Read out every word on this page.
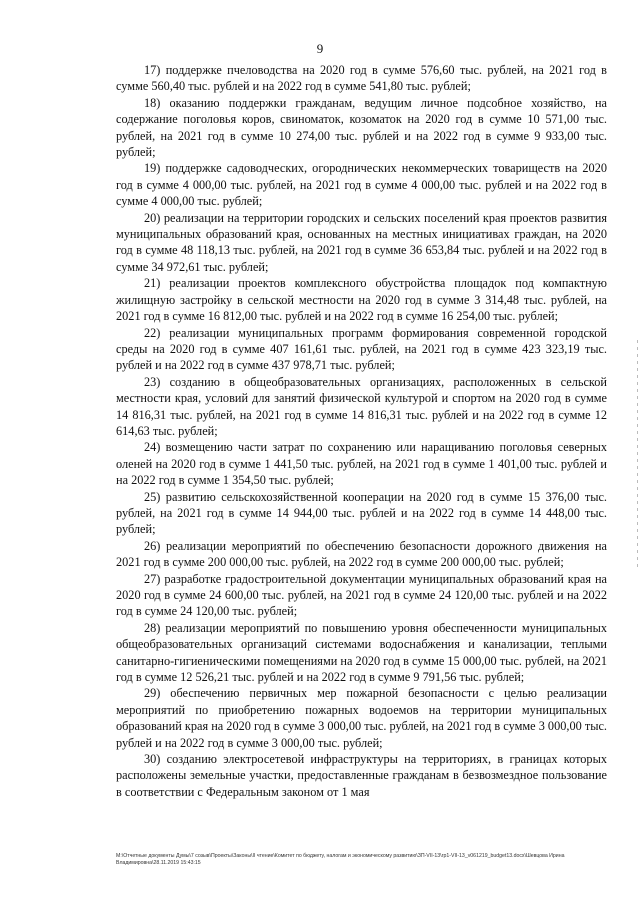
9

17) поддержке пчеловодства на 2020 год в сумме 576,60 тыс. рублей, на 2021 год в сумме 560,40 тыс. рублей и на 2022 год в сумме 541,80 тыс. рублей;

18) оказанию поддержки гражданам, ведущим личное подсобное хозяйство, на содержание поголовья коров, свиноматок, козоматок на 2020 год в сумме 10 571,00 тыс. рублей, на 2021 год в сумме 10 274,00 тыс. рублей и на 2022 год в сумме 9 933,00 тыс. рублей;

19) поддержке садоводческих, огороднических некоммерческих товариществ на 2020 год в сумме 4 000,00 тыс. рублей, на 2021 год в сумме 4 000,00 тыс. рублей и на 2022 год в сумме 4 000,00 тыс. рублей;

20) реализации на территории городских и сельских поселений края проектов развития муниципальных образований края, основанных на местных инициативах граждан, на 2020 год в сумме 48 118,13 тыс. рублей, на 2021 год в сумме 36 653,84 тыс. рублей и на 2022 год в сумме 34 972,61 тыс. рублей;

21) реализации проектов комплексного обустройства площадок под компактную жилищную застройку в сельской местности на 2020 год в сумме 3 314,48 тыс. рублей, на 2021 год в сумме 16 812,00 тыс. рублей и на 2022 год в сумме 16 254,00 тыс. рублей;

22) реализации муниципальных программ формирования современной городской среды на 2020 год в сумме 407 161,61 тыс. рублей, на 2021 год в сумме 423 323,19 тыс. рублей и на 2022 год в сумме 437 978,71 тыс. рублей;

23) созданию в общеобразовательных организациях, расположенных в сельской местности края, условий для занятий физической культурой и спортом на 2020 год в сумме 14 816,31 тыс. рублей, на 2021 год в сумме 14 816,31 тыс. рублей и на 2022 год в сумме 12 614,63 тыс. рублей;

24) возмещению части затрат по сохранению или наращиванию поголовья северных оленей на 2020 год в сумме 1 441,50 тыс. рублей, на 2021 год в сумме 1 401,00 тыс. рублей и на 2022 год в сумме 1 354,50 тыс. рублей;

25) развитию сельскохозяйственной кооперации на 2020 год в сумме 15 376,00 тыс. рублей, на 2021 год в сумме 14 944,00 тыс. рублей и на 2022 год в сумме 14 448,00 тыс. рублей;

26) реализации мероприятий по обеспечению безопасности дорожного движения на 2021 год в сумме 200 000,00 тыс. рублей, на 2022 год в сумме 200 000,00 тыс. рублей;

27) разработке градостроительной документации муниципальных образований края на 2020 год в сумме 24 600,00 тыс. рублей, на 2021 год в сумме 24 120,00 тыс. рублей и на 2022 год в сумме 24 120,00 тыс. рублей;

28) реализации мероприятий по повышению уровня обеспеченности муниципальных общеобразовательных организаций системами водоснабжения и канализации, теплыми санитарно-гигиеническими помещениями на 2020 год в сумме 15 000,00 тыс. рублей, на 2021 год в сумме 12 526,21 тыс. рублей и на 2022 год в сумме 9 791,56 тыс. рублей;

29) обеспечению первичных мер пожарной безопасности с целью реализации мероприятий по приобретению пожарных водоемов на территории муниципальных образований края на 2020 год в сумме 3 000,00 тыс. рублей, на 2021 год в сумме 3 000,00 тыс. рублей и на 2022 год в сумме 3 000,00 тыс. рублей;

30) созданию электросетевой инфраструктуры на территориях, в границах которых расположены земельные участки, предоставленные гражданам в безвозмездное пользование в соответствии с Федеральным законом от 1 мая

M:\Отчетные документы Думы\7 созыв\Проекты\Законы\II чтение\Комитет по бюджету, налогам и экономическому развитию\ЗП-VII-13\гр1-VII-13_v061219_budget13.docx\Шевцова Ирина Владимировна\28.11.2019 15:43:15
